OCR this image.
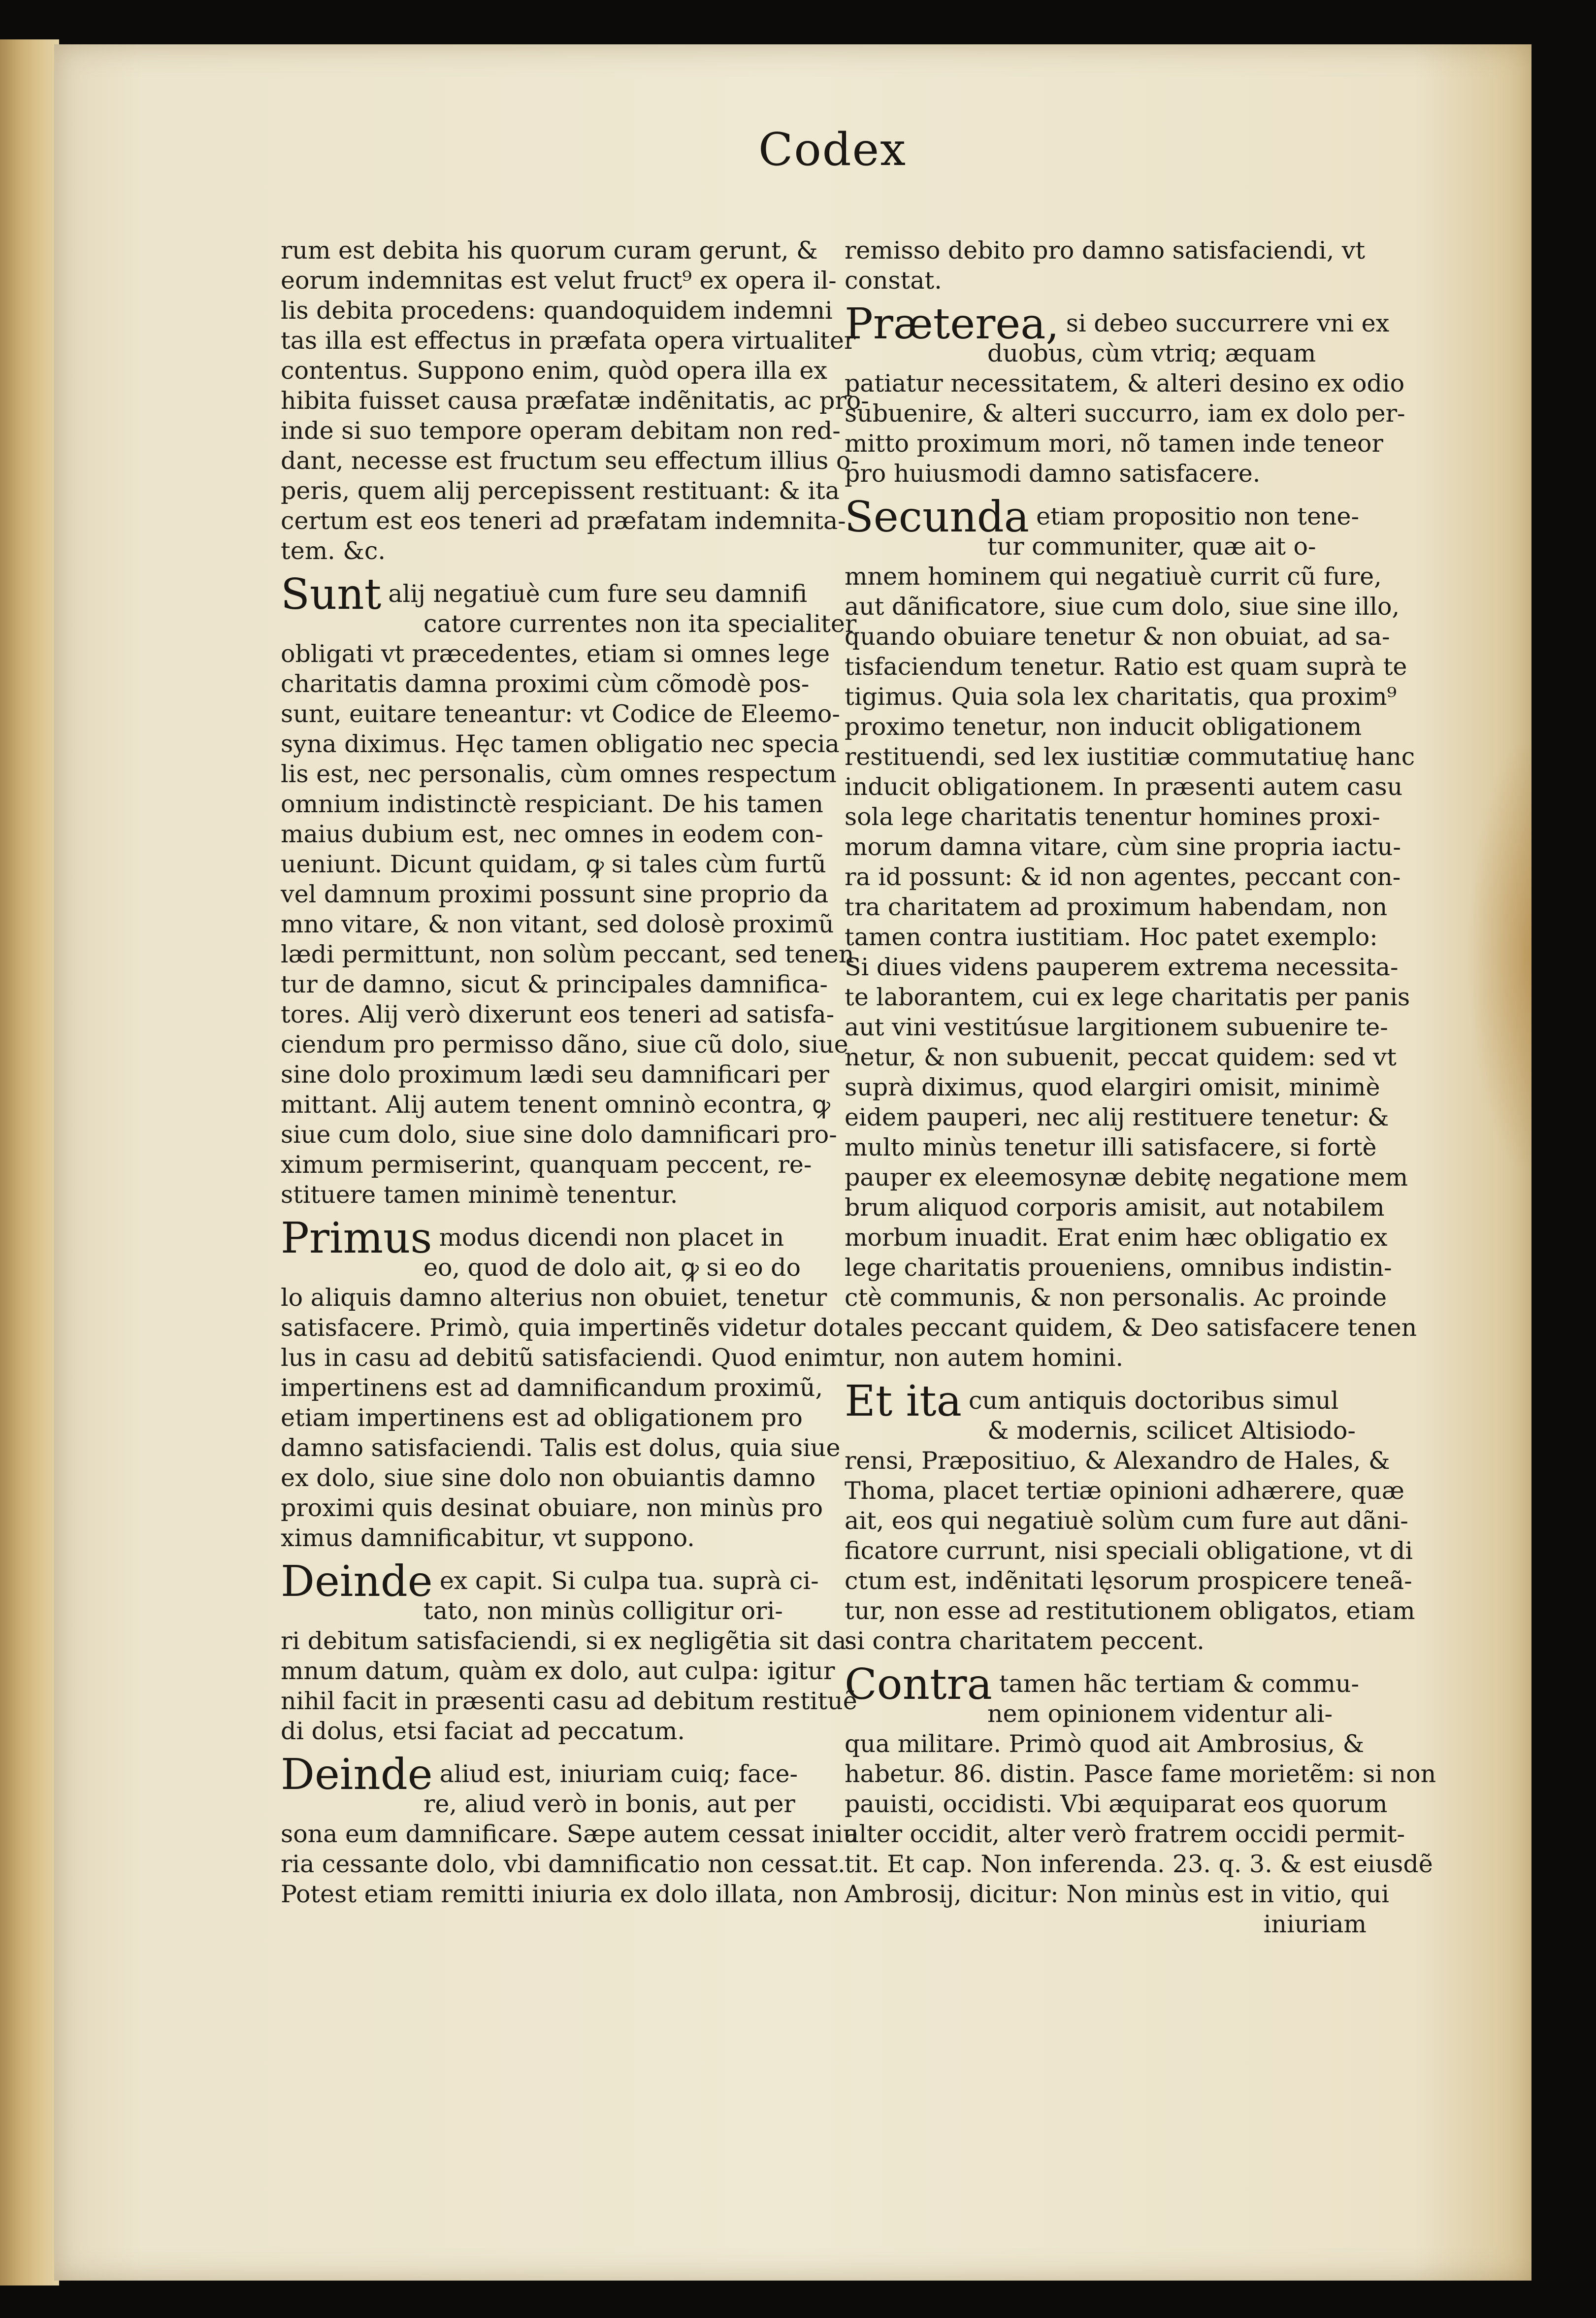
Codex
rum est debita his quorum curam gerunt, &
eorum indemnitas est velut fruct⁹ ex opera il-
lis debita procedens: quandoquidem indemni
tas illa est effectus in præfata opera virtualiter
contentus. Suppono enim, quòd opera illa ex
hibita fuisset causa præfatæ indẽnitatis, ac pro-
inde si suo tempore operam debitam non red-
dant, necesse est fructum seu effectum illius o-
peris, quem alij percepissent restituant: & ita
certum est eos teneri ad præfatam indemnita-
tem. &c.
Sunt alij negatiuè cum fure seu damnifi
catore currentes non ita specialiter
obligati vt præcedentes, etiam si omnes lege
charitatis damna proximi cùm cõmodè pos-
sunt, euitare teneantur: vt Codice de Eleemo-
syna diximus. Hęc tamen obligatio nec specia
lis est, nec personalis, cùm omnes respectum
omnium indistinctè respiciant. De his tamen
maius dubium est, nec omnes in eodem con-
ueniunt. Dicunt quidam, ꝙ si tales cùm furtũ
vel damnum proximi possunt sine proprio da
mno vitare, & non vitant, sed dolosè proximũ
lædi permittunt, non solùm peccant, sed tenen
tur de damno, sicut & principales damnifica-
tores. Alij verò dixerunt eos teneri ad satisfa-
ciendum pro permisso dãno, siue cũ dolo, siue
sine dolo proximum lædi seu damnificari per
mittant. Alij autem tenent omninò econtra, ꝙ
siue cum dolo, siue sine dolo damnificari pro-
ximum permiserint, quanquam peccent, re-
stituere tamen minimè tenentur.
Primus modus dicendi non placet in
eo, quod de dolo ait, ꝙ si eo do
lo aliquis damno alterius non obuiet, tenetur
satisfacere. Primò, quia impertinẽs videtur do
lus in casu ad debitũ satisfaciendi. Quod enim
impertinens est ad damnificandum proximũ,
etiam impertinens est ad obligationem pro
damno satisfaciendi. Talis est dolus, quia siue
ex dolo, siue sine dolo non obuiantis damno
proximi quis desinat obuiare, non minùs pro
ximus damnificabitur, vt suppono.
Deinde ex capit. Si culpa tua. suprà ci-
tato, non minùs colligitur ori-
ri debitum satisfaciendi, si ex negligẽtia sit da-
mnum datum, quàm ex dolo, aut culpa: igitur
nihil facit in præsenti casu ad debitum restituẽ
di dolus, etsi faciat ad peccatum.
Deinde aliud est, iniuriam cuiq; face-
re, aliud verò in bonis, aut per
sona eum damnificare. Sæpe autem cessat iniu
ria cessante dolo, vbi damnificatio non cessat.
Potest etiam remitti iniuria ex dolo illata, non
remisso debito pro damno satisfaciendi, vt
constat.
Præterea, si debeo succurrere vni ex
duobus, cùm vtriq; æquam
patiatur necessitatem, & alteri desino ex odio
subuenire, & alteri succurro, iam ex dolo per-
mitto proximum mori, nõ tamen inde teneor
pro huiusmodi damno satisfacere.
Secunda etiam propositio non tene-
tur communiter, quæ ait o-
mnem hominem qui negatiuè currit cũ fure,
aut dãnificatore, siue cum dolo, siue sine illo,
quando obuiare tenetur & non obuiat, ad sa-
tisfaciendum tenetur. Ratio est quam suprà te
tigimus. Quia sola lex charitatis, qua proxim⁹
proximo tenetur, non inducit obligationem
restituendi, sed lex iustitiæ commutatiuę hanc
inducit obligationem. In præsenti autem casu
sola lege charitatis tenentur homines proxi-
morum damna vitare, cùm sine propria iactu-
ra id possunt: & id non agentes, peccant con-
tra charitatem ad proximum habendam, non
tamen contra iustitiam. Hoc patet exemplo:
Si diues videns pauperem extrema necessita-
te laborantem, cui ex lege charitatis per panis
aut vini vestitúsue largitionem subuenire te-
netur, & non subuenit, peccat quidem: sed vt
suprà diximus, quod elargiri omisit, minimè
eidem pauperi, nec alij restituere tenetur: &
multo minùs tenetur illi satisfacere, si fortè
pauper ex eleemosynæ debitę negatione mem
brum aliquod corporis amisit, aut notabilem
morbum inuadit. Erat enim hæc obligatio ex
lege charitatis proueniens, omnibus indistin-
ctè communis, & non personalis. Ac proinde
tales peccant quidem, & Deo satisfacere tenen
tur, non autem homini.
Et ita cum antiquis doctoribus simul
& modernis, scilicet Altisiodo-
rensi, Præpositiuo, & Alexandro de Hales, &
Thoma, placet tertiæ opinioni adhærere, quæ
ait, eos qui negatiuè solùm cum fure aut dãni-
ficatore currunt, nisi speciali obligatione, vt di
ctum est, indẽnitati lęsorum prospicere teneã-
tur, non esse ad restitutionem obligatos, etiam
si contra charitatem peccent.
Contra tamen hãc tertiam & commu-
nem opinionem videntur ali-
qua militare. Primò quod ait Ambrosius, &
habetur. 86. distin. Pasce fame morietẽm: si non
pauisti, occidisti. Vbi æquiparat eos quorum
alter occidit, alter verò fratrem occidi permit-
tit. Et cap. Non inferenda. 23. q. 3. & est eiusdẽ
Ambrosij, dicitur: Non minùs est in vitio, qui
iniuriam
